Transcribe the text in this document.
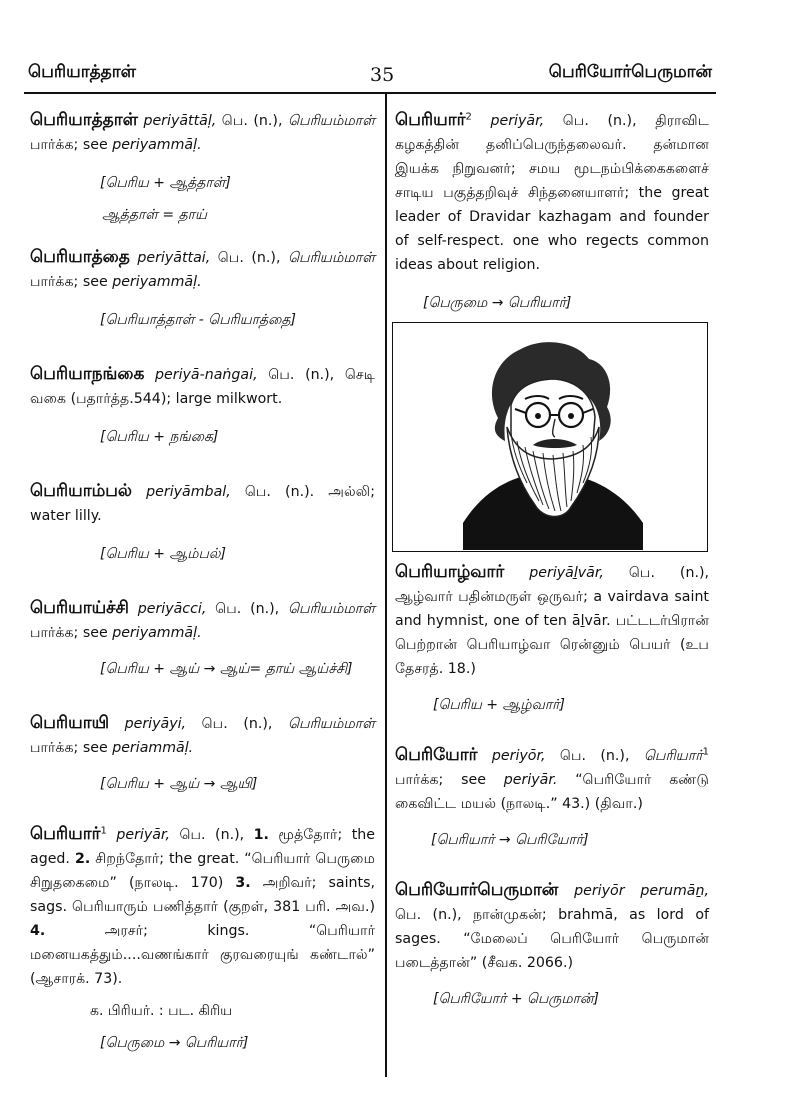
பெரியாத்தாள்	35	பெரியோர்பெருமான்
பெரியாத்தாள் periyāttāḷ, பெ. (n.), பெரியம்மாள் பார்க்க; see periyammāḷ.
[பெரிய + ஆத்தாள்]
ஆத்தாள் = தாய்
பெரியாத்தை periyāttai, பெ. (n.), பெரியம்மாள் பார்க்க; see periyammāḷ.
[பெரியாத்தாள் - பெரியாத்தை]
பெரியாநங்கை periyā-naṅgai, பெ. (n.), செடி வகை (பதார்த்த.544); large milkwort.
[பெரிய + நங்கை]
பெரியாம்பல் periyāmbal, பெ. (n.). அல்லி; water lilly.
[பெரிய + ஆம்பல்]
பெரியாய்ச்சி periyācci, பெ. (n.), பெரியம்மாள் பார்க்க; see periyammāḷ.
[பெரிய + ஆய் → ஆய்= தாய் ஆய்ச்சி]
பெரியாயி periyāyi, பெ. (n.), பெரியம்மாள் பார்க்க; see periammāḷ.
[பெரிய + ஆய் → ஆயி]
பெரியார்$^1$ periyār, பெ. (n.), 1. மூத்தோர்; the aged. 2. சிறந்தோர்; the great. “பெரியார் பெருமை சிறுதகைமை” (நாலடி. 170) 3. அறிவர்; saints, sags. பெரியாரும் பணித்தார் (குறள், 381 பரி. அவ.) 4.	அரசர்; kings. “பெரியார் மனையகத்தும்....வணங்கார் குரவரையுங் கண்டால்” (ஆசாரக். 73).
க. பிரியர். : பட. கிரிய
[பெருமை → பெரியார்]
பெரியார்$^2$ periyār, பெ. (n.), திராவிட கழகத்தின் தனிப்பெருந்தலைவர். தன்மான இயக்க நிறுவனர்; சமய மூடநம்பிக்கைகளைச் சாடிய பகுத்தறிவுச் சிந்தனையாளர்; the great leader of Dravidar kazhagam and founder of self-respect. one who regects common ideas about religion.
[பெருமை → பெரியார்]
பெரியாழ்வார் periyāḻvār, பெ. (n.), ஆழ்வார் பதின்மருள் ஒருவர்; a vairdava saint and hymnist, one of ten āḻvār. பட்டடர்பிரான் பெற்றான் பெரியாழ்வா ரென்னும் பெயர் (உப தேசரத். 18.)
[பெரிய + ஆழ்வார்]
பெரியோர் periyōr, பெ. (n.), பெரியார்$^1$ பார்க்க; see periyār. “பெரியோர் கண்டு கைவிட்ட மயல் (நாலடி.” 43.) (திவா.)
[பெரியார் → பெரியோர்]
பெரியோர்பெருமான் periyōr perumāṉ, பெ. (n.), நான்முகன்; brahmā, as lord of sages. “மேலைப் பெரியோர் பெருமான் படைத்தான்” (சீவக. 2066.)
[பெரியோர் + பெருமான்]
